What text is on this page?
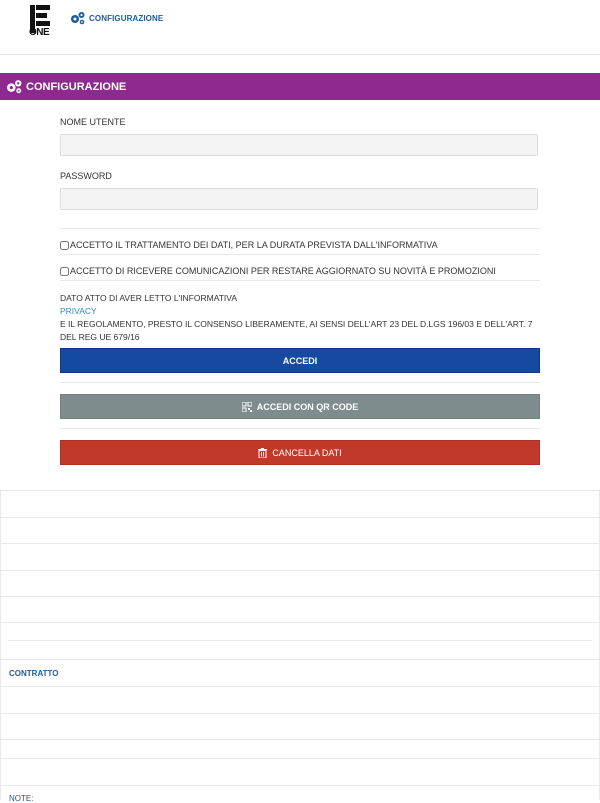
ONE
CONFIGURAZIONE
CONFIGURAZIONE
NOME UTENTE
PASSWORD
ACCETTO IL TRATTAMENTO DEI DATI, PER LA DURATA PREVISTA DALL'INFORMATIVA
ACCETTO DI RICEVERE COMUNICAZIONI PER RESTARE AGGIORNATO SU NOVITÀ E PROMOZIONI
DATO ATTO DI AVER LETTO L'INFORMATIVA
PRIVACY
E IL REGOLAMENTO, PRESTO IL CONSENSO LIBERAMENTE, AI SENSI DELL'ART 23 DEL D.LGS 196/03 E DELL'ART. 7 DEL REG UE 679/16
ACCEDI
ACCEDI CON QR CODE
CANCELLA DATI
CONTRATTO
NOTE:
